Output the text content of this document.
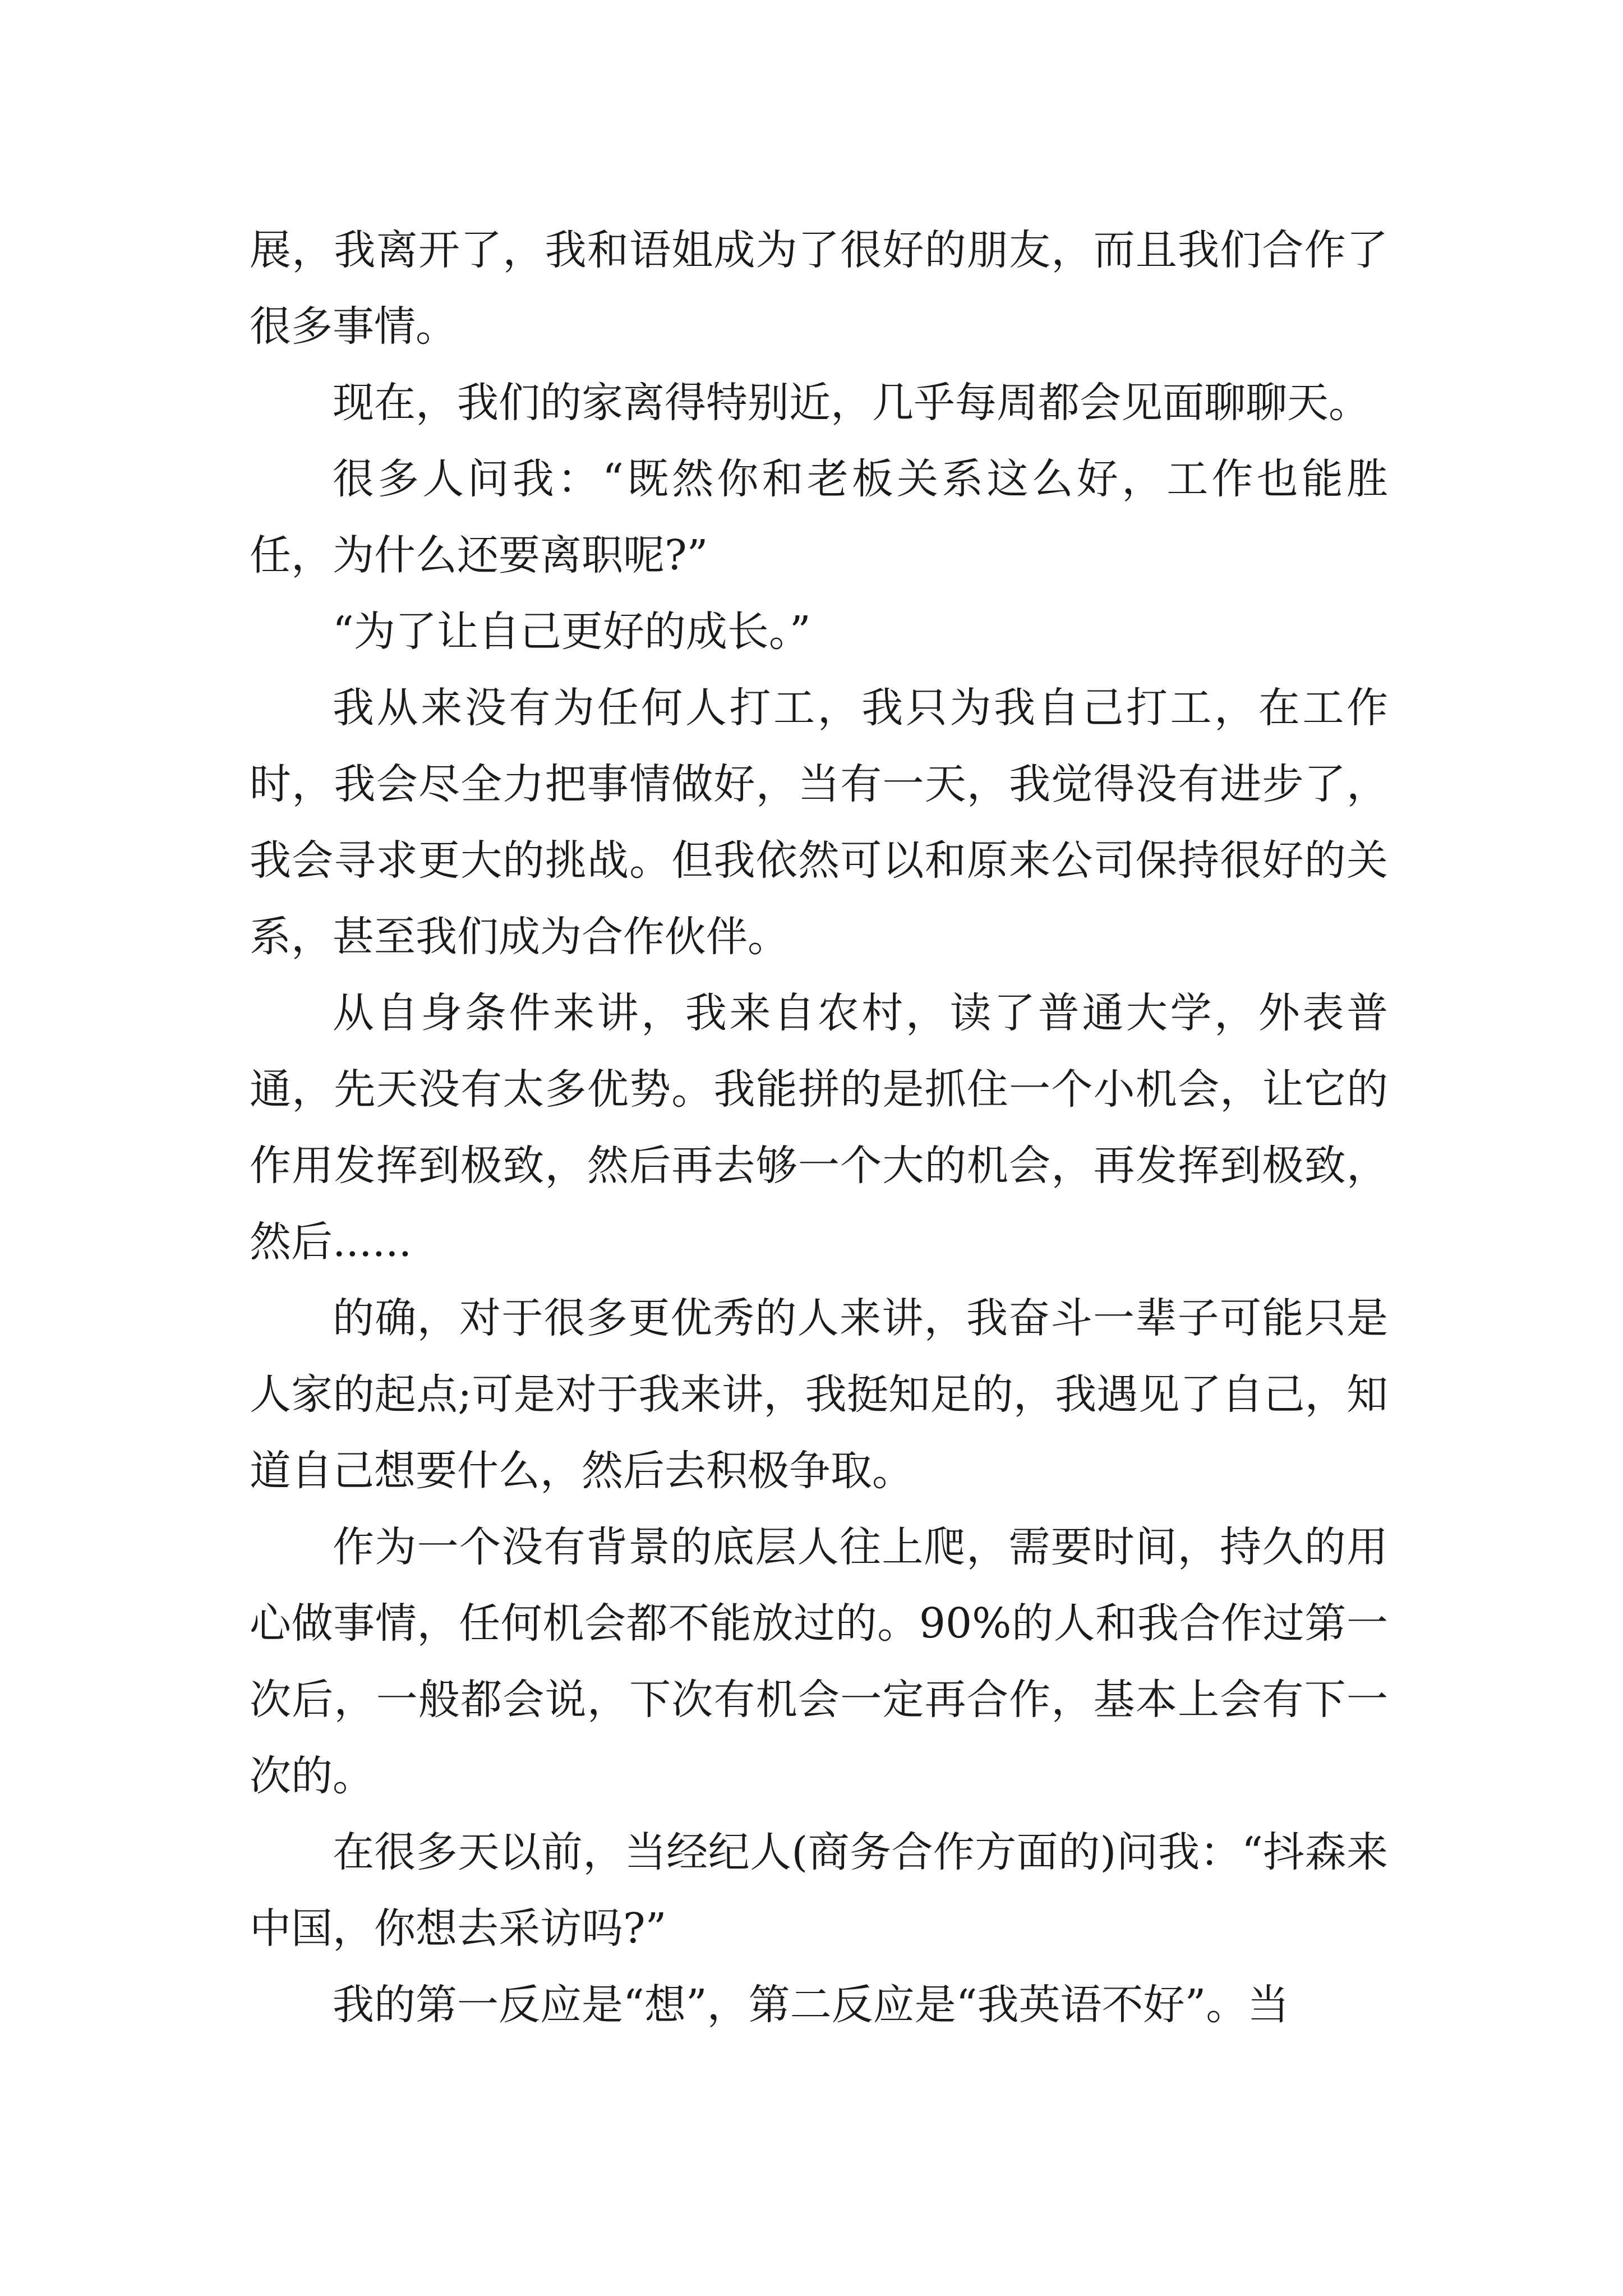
展，我离开了，我和语姐成为了很好的朋友，而且我们合作了很多事情。

现在，我们的家离得特别近，几乎每周都会见面聊聊天。

很多人问我：“既然你和老板关系这么好，工作也能胜任，为什么还要离职呢?”

“为了让自己更好的成长。”

我从来没有为任何人打工，我只为我自己打工，在工作时，我会尽全力把事情做好，当有一天，我觉得没有进步了，我会寻求更大的挑战。但我依然可以和原来公司保持很好的关系，甚至我们成为合作伙伴。

从自身条件来讲，我来自农村，读了普通大学，外表普通，先天没有太多优势。我能拼的是抓住一个小机会，让它的作用发挥到极致，然后再去够一个大的机会，再发挥到极致，然后......

的确，对于很多更优秀的人来讲，我奋斗一辈子可能只是人家的起点;可是对于我来讲，我挺知足的，我遇见了自己，知道自己想要什么，然后去积极争取。

作为一个没有背景的底层人往上爬，需要时间，持久的用心做事情，任何机会都不能放过的。90%的人和我合作过第一次后，一般都会说，下次有机会一定再合作，基本上会有下一次的。

在很多天以前，当经纪人(商务合作方面的)问我：“抖森来中国，你想去采访吗?”

我的第一反应是“想”，第二反应是“我英语不好”。当
